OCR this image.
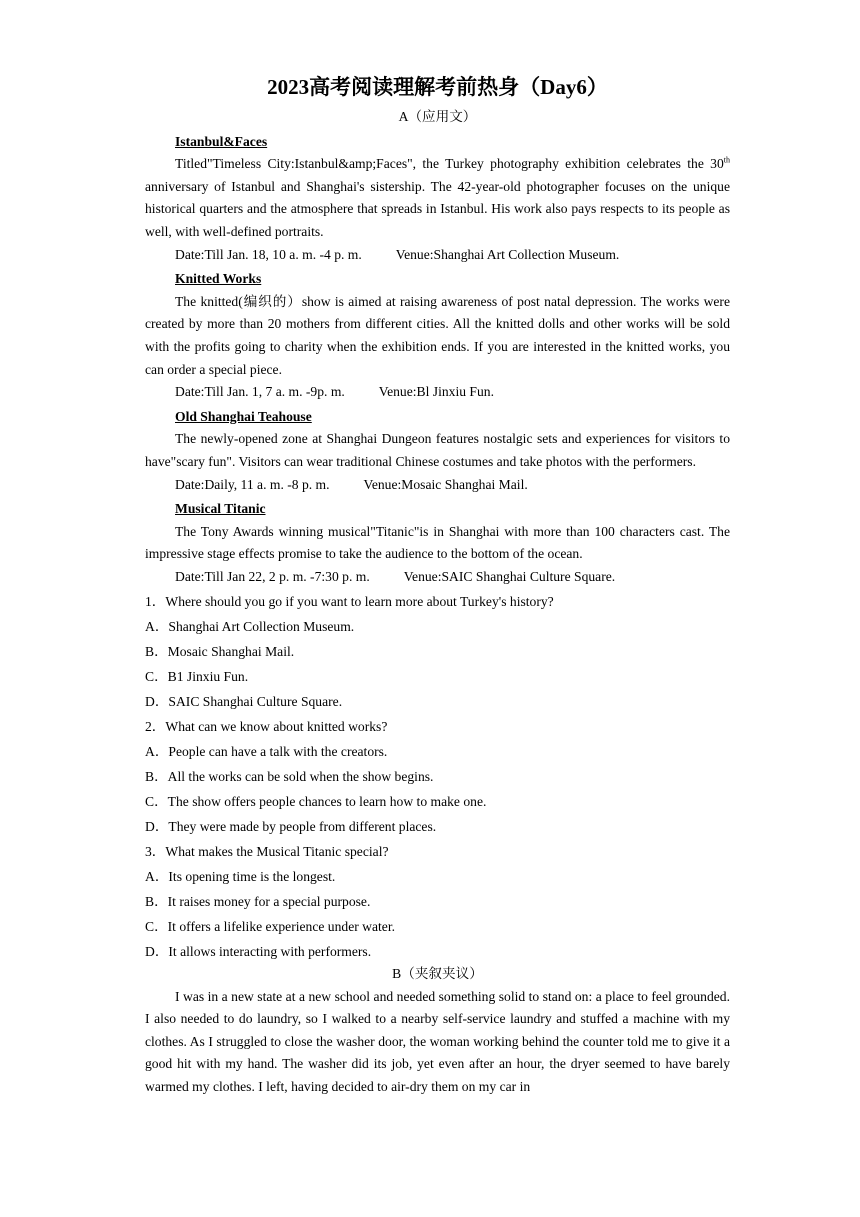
2023高考阅读理解考前热身（Day6）
A（应用文）
Istanbul&Faces

Titled"Timeless City:Istanbul&amp;Faces", the Turkey photography exhibition celebrates the 30th anniversary of Istanbul and Shanghai's sistership. The 42-year-old photographer focuses on the unique historical quarters and the atmosphere that spreads in Istanbul. His work also pays respects to its people as well, with well-defined portraits.

Date:Till Jan. 18, 10 a. m. -4 p. m.	Venue:Shanghai Art Collection Museum.
Knitted Works

The knitted(编织的）show is aimed at raising awareness of post natal depression. The works were created by more than 20 mothers from different cities. All the knitted dolls and other works will be sold with the profits going to charity when the exhibition ends. If you are interested in the knitted works, you can order a special piece.

Date:Till Jan. 1, 7 a. m. -9p. m.	Venue:Bl Jinxiu Fun.
Old Shanghai Teahouse

The newly-opened zone at Shanghai Dungeon features nostalgic sets and experiences for visitors to have"scary fun". Visitors can wear traditional Chinese costumes and take photos with the performers.

Date:Daily, 11 a. m. -8 p. m.	Venue:Mosaic Shanghai Mail.
Musical Titanic

The Tony Awards winning musical"Titanic"is in Shanghai with more than 100 characters cast. The impressive stage effects promise to take the audience to the bottom of the ocean.

Date:Till Jan 22, 2 p. m. -7:30 p. m.	Venue:SAIC Shanghai Culture Square.
1．Where should you go if you want to learn more about Turkey's history?
A．Shanghai Art Collection Museum.
B．Mosaic Shanghai Mail.
C．B1 Jinxiu Fun.
D．SAIC Shanghai Culture Square.
2．What can we know about knitted works?
A．People can have a talk with the creators.
B．All the works can be sold when the show begins.
C．The show offers people chances to learn how to make one.
D．They were made by people from different places.
3．What makes the Musical Titanic special?
A．Its opening time is the longest.
B．It raises money for a special purpose.
C．It offers a lifelike experience under water.
D．It allows interacting with performers.
B（夹叙夹议）

I was in a new state at a new school and needed something solid to stand on: a place to feel grounded. I also needed to do laundry, so I walked to a nearby self-service laundry and stuffed a machine with my clothes. As I struggled to close the washer door, the woman working behind the counter told me to give it a good hit with my hand. The washer did its job, yet even after an hour, the dryer seemed to have barely warmed my clothes. I left, having decided to air-dry them on my car in
